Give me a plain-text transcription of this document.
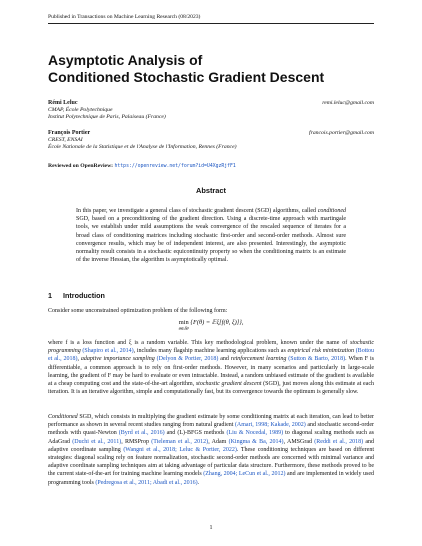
Published in Transactions on Machine Learning Research (08/2023)
Asymptotic Analysis of
Conditioned Stochastic Gradient Descent
Rémi Leluc	remi.leluc@gmail.com
CMAP, École Polytechnique
Institut Polytechnique de Paris, Palaiseau (France)
François Portier	francois.portier@gmail.com
CREST, ENSAI
École Nationale de la Statistique et de l'Analyse de l'Information, Rennes (France)
Reviewed on OpenReview: https://openreview.net/forum?id=U4XgzRjfF1
Abstract

In this paper, we investigate a general class of stochastic gradient descent (SGD) algorithms, called conditioned SGD, based on a preconditioning of the gradient direction. Using a discrete-time approach with martingale tools, we establish under mild assumptions the weak convergence of the rescaled sequence of iterates for a broad class of conditioning matrices including stochastic first-order and second-order methods. Almost sure convergence results, which may be of independent interest, are also presented. Interestingly, the asymptotic normality result consists in a stochastic equicontinuity property so when the conditioning matrix is an estimate of the inverse Hessian, the algorithm is asymptotically optimal.

1 Introduction

Consider some unconstrained optimization problem of the following form:

min
θ∈ℝᵈ
{F(θ) = 𝔼ξ[f(θ, ξ)]},

where f is a loss function and ξ is a random variable. This key methodological problem, known under the name of stochastic programming (Shapiro et al., 2014), includes many flagship machine learning applications such as empirical risk minimization (Bottou et al., 2018), adaptive importance sampling (Delyon & Portier, 2018) and reinforcement learning (Sutton & Barto, 2018). When F is differentiable, a common approach is to rely on first-order methods. However, in many scenarios and particularly in large-scale learning, the gradient of F may be hard to evaluate or even intractable. Instead, a random unbiased estimate of the gradient is available at a cheap computing cost and the state-of-the-art algorithm, stochastic gradient descent (SGD), just moves along this estimate at each iteration. It is an iterative algorithm, simple and computationally fast, but its convergence towards the optimum is generally slow.

Conditioned SGD, which consists in multiplying the gradient estimate by some conditioning matrix at each iteration, can lead to better performance as shown in several recent studies ranging from natural gradient (Amari, 1998; Kakade, 2002) and stochastic second-order methods with quasi-Newton (Byrd et al., 2016) and (L)-BFGS methods (Liu & Nocedal, 1989) to diagonal scaling methods such as AdaGrad (Duchi et al., 2011), RMSProp (Tieleman et al., 2012), Adam (Kingma & Ba, 2014), AMSGrad (Reddi et al., 2018) and adaptive coordinate sampling (Wangni et al., 2018; Leluc & Portier, 2022). These conditioning techniques are based on different strategies: diagonal scaling rely on feature normalization, stochastic second-order methods are concerned with minimal variance and adaptive coordinate sampling techniques aim at taking advantage of particular data structure. Furthermore, these methods proved to be the current state-of-the-art for training machine learning models (Zhang, 2004; LeCun et al., 2012) and are implemented in widely used programming tools (Pedregosa et al., 2011; Abadi et al., 2016).

1
